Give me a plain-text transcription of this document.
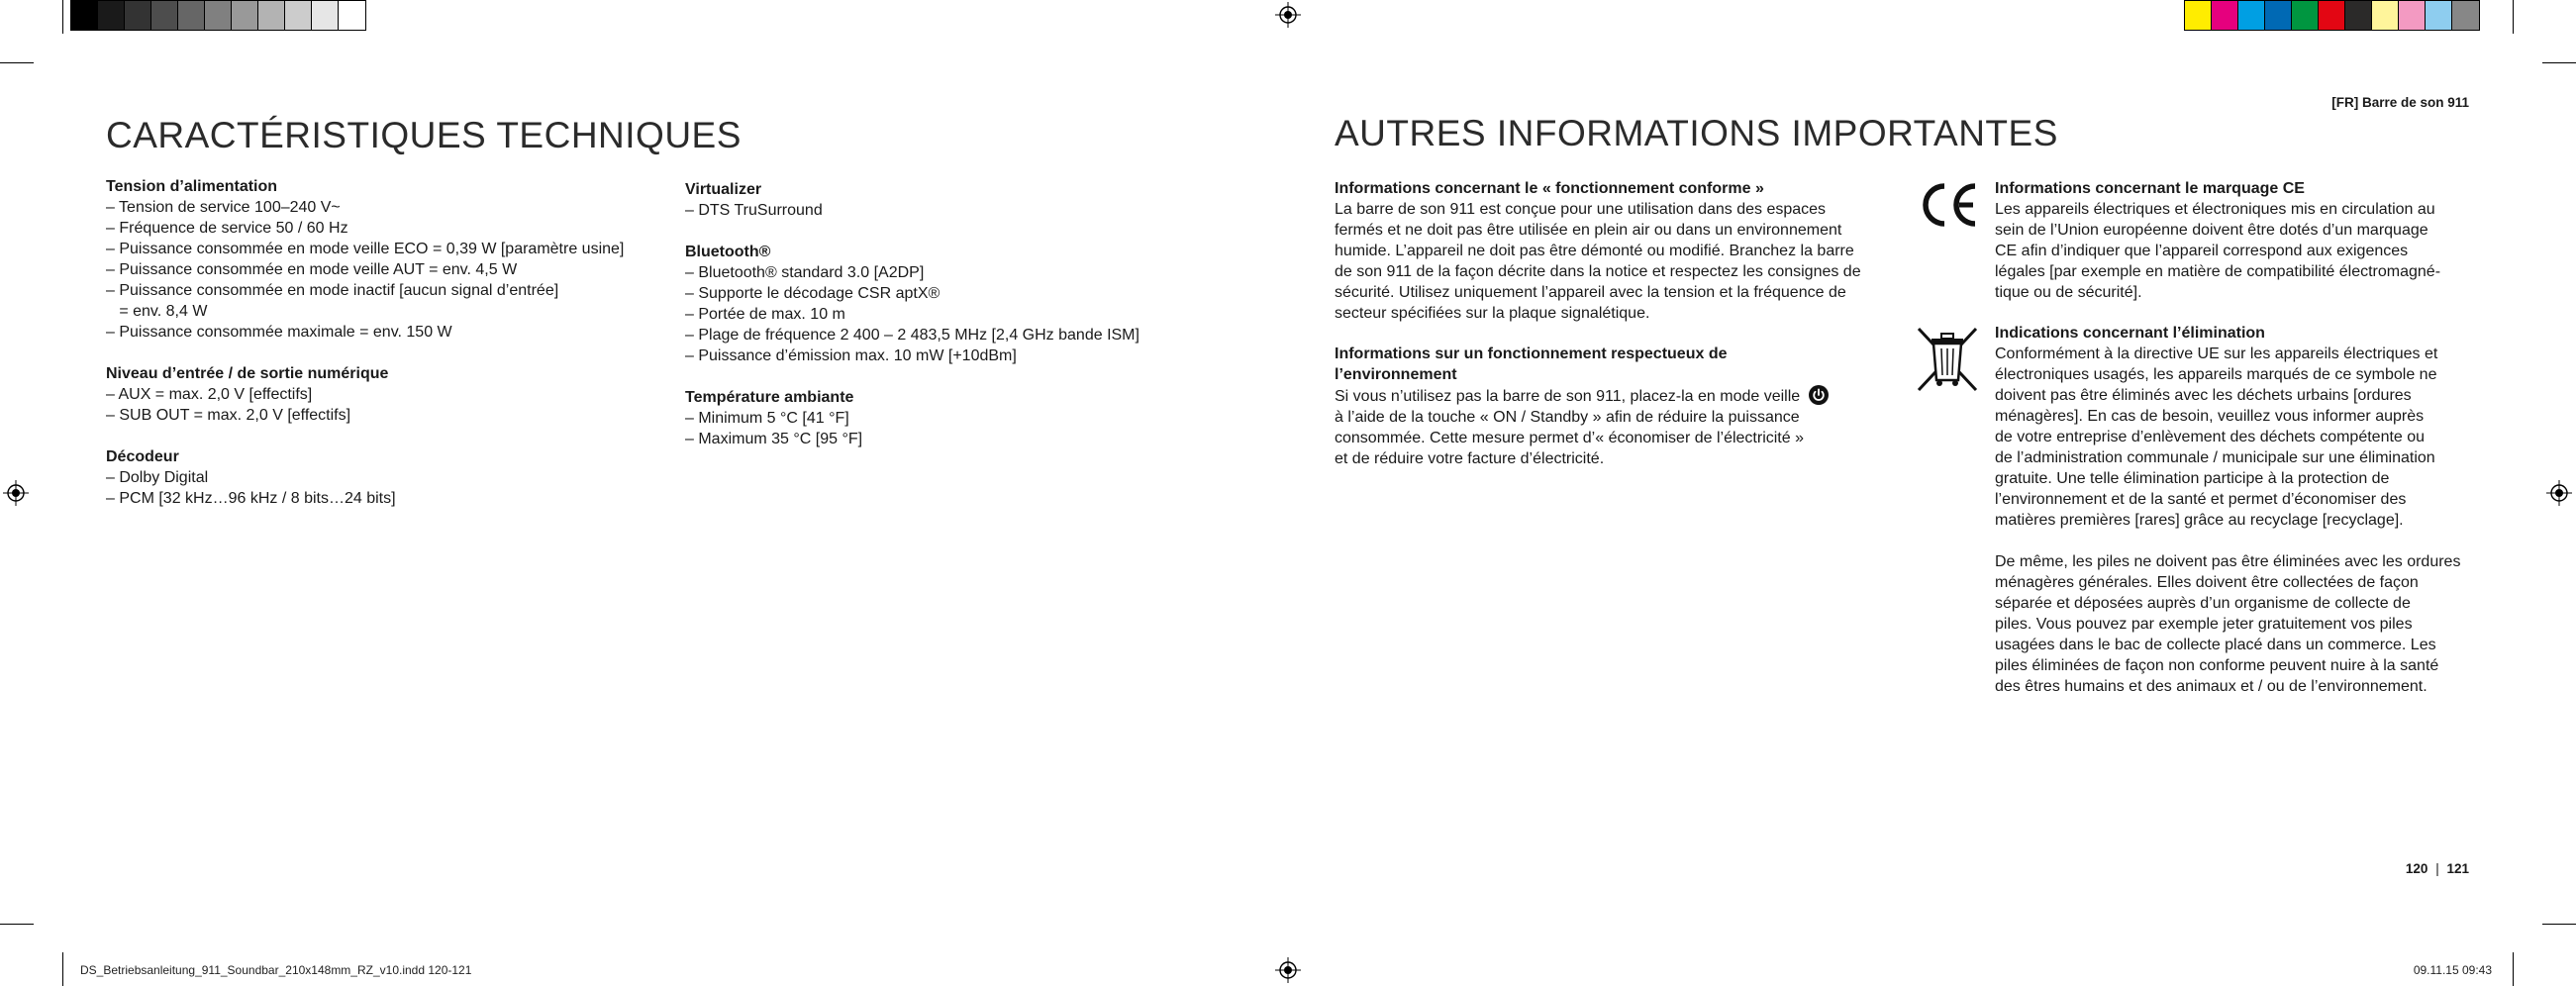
[FR] Barre de son 911
CARACTÉRISTIQUES TECHNIQUES	AUTRES INFORMATIONS IMPORTANTES
Tension d’alimentation
– Tension de service 100–240 V~
– Fréquence de service 50 / 60 Hz
– Puissance consommée en mode veille ECO = 0,39 W [paramètre usine]
– Puissance consommée en mode veille AUT = env. 4,5 W
– Puissance consommée en mode inactif [aucun signal d’entrée]
= env. 8,4 W
– Puissance consommée maximale = env. 150 W
Niveau d’entrée / de sortie numérique
– AUX = max. 2,0 V [effectifs]
– SUB OUT = max. 2,0 V [effectifs]
Décodeur
– Dolby Digital
– PCM [32 kHz…96 kHz / 8 bits…24 bits]
Virtualizer
– DTS TruSurround
Bluetooth®
– Bluetooth® standard 3.0 [A2DP]
– Supporte le décodage CSR aptX®
– Portée de max. 10 m
– Plage de fréquence 2 400 – 2 483,5 MHz [2,4 GHz bande ISM]
– Puissance d’émission max. 10 mW [+10dBm]
Température ambiante
– Minimum 5 °C [41 °F]
– Maximum 35 °C [95 °F]
Informations concernant le « fonctionnement conforme »
La barre de son 911 est conçue pour une utilisation dans des espaces
fermés et ne doit pas être utilisée en plein air ou dans un environnement
humide. L’appareil ne doit pas être démonté ou modifié. Branchez la barre
de son 911 de la façon décrite dans la notice et respectez les consignes de
sécurité. Utilisez uniquement l’appareil avec la tension et la fréquence de
secteur spécifiées sur la plaque signalétique.
Informations sur un fonctionnement respectueux de
l’environnement
Si vous n’utilisez pas la barre de son 911, placez-la en mode veille
à l’aide de la touche « ON / Standby » afin de réduire la puissance
consommée. Cette mesure permet d’« économiser de l’électricité »
et de réduire votre facture d’électricité.
Informations concernant le marquage CE
Les appareils électriques et électroniques mis en circulation au
sein de l’Union européenne doivent être dotés d’un marquage
CE afin d’indiquer que l’appareil correspond aux exigences
légales [par exemple en matière de compatibilité électromagné-
tique ou de sécurité].
Indications concernant l’élimination
Conformément à la directive UE sur les appareils électriques et
électroniques usagés, les appareils marqués de ce symbole ne
doivent pas être éliminés avec les déchets urbains [ordures
ménagères]. En cas de besoin, veuillez vous informer auprès
de votre entreprise d’enlèvement des déchets compétente ou
de l’administration communale / municipale sur une élimination
gratuite. Une telle élimination participe à la protection de
l’environnement et de la santé et permet d’économiser des
matières premières [rares] grâce au recyclage [recyclage].
De même, les piles ne doivent pas être éliminées avec les ordures
ménagères générales. Elles doivent être collectées de façon
séparée et déposées auprès d’un organisme de collecte de
piles. Vous pouvez par exemple jeter gratuitement vos piles
usagées dans le bac de collecte placé dans un commerce. Les
piles éliminées de façon non conforme peuvent nuire à la santé
des êtres humains et des animaux et / ou de l’environnement.
120 | 121
DS_Betriebsanleitung_911_Soundbar_210x148mm_RZ_v10.indd 120-121	09.11.15 09:43
